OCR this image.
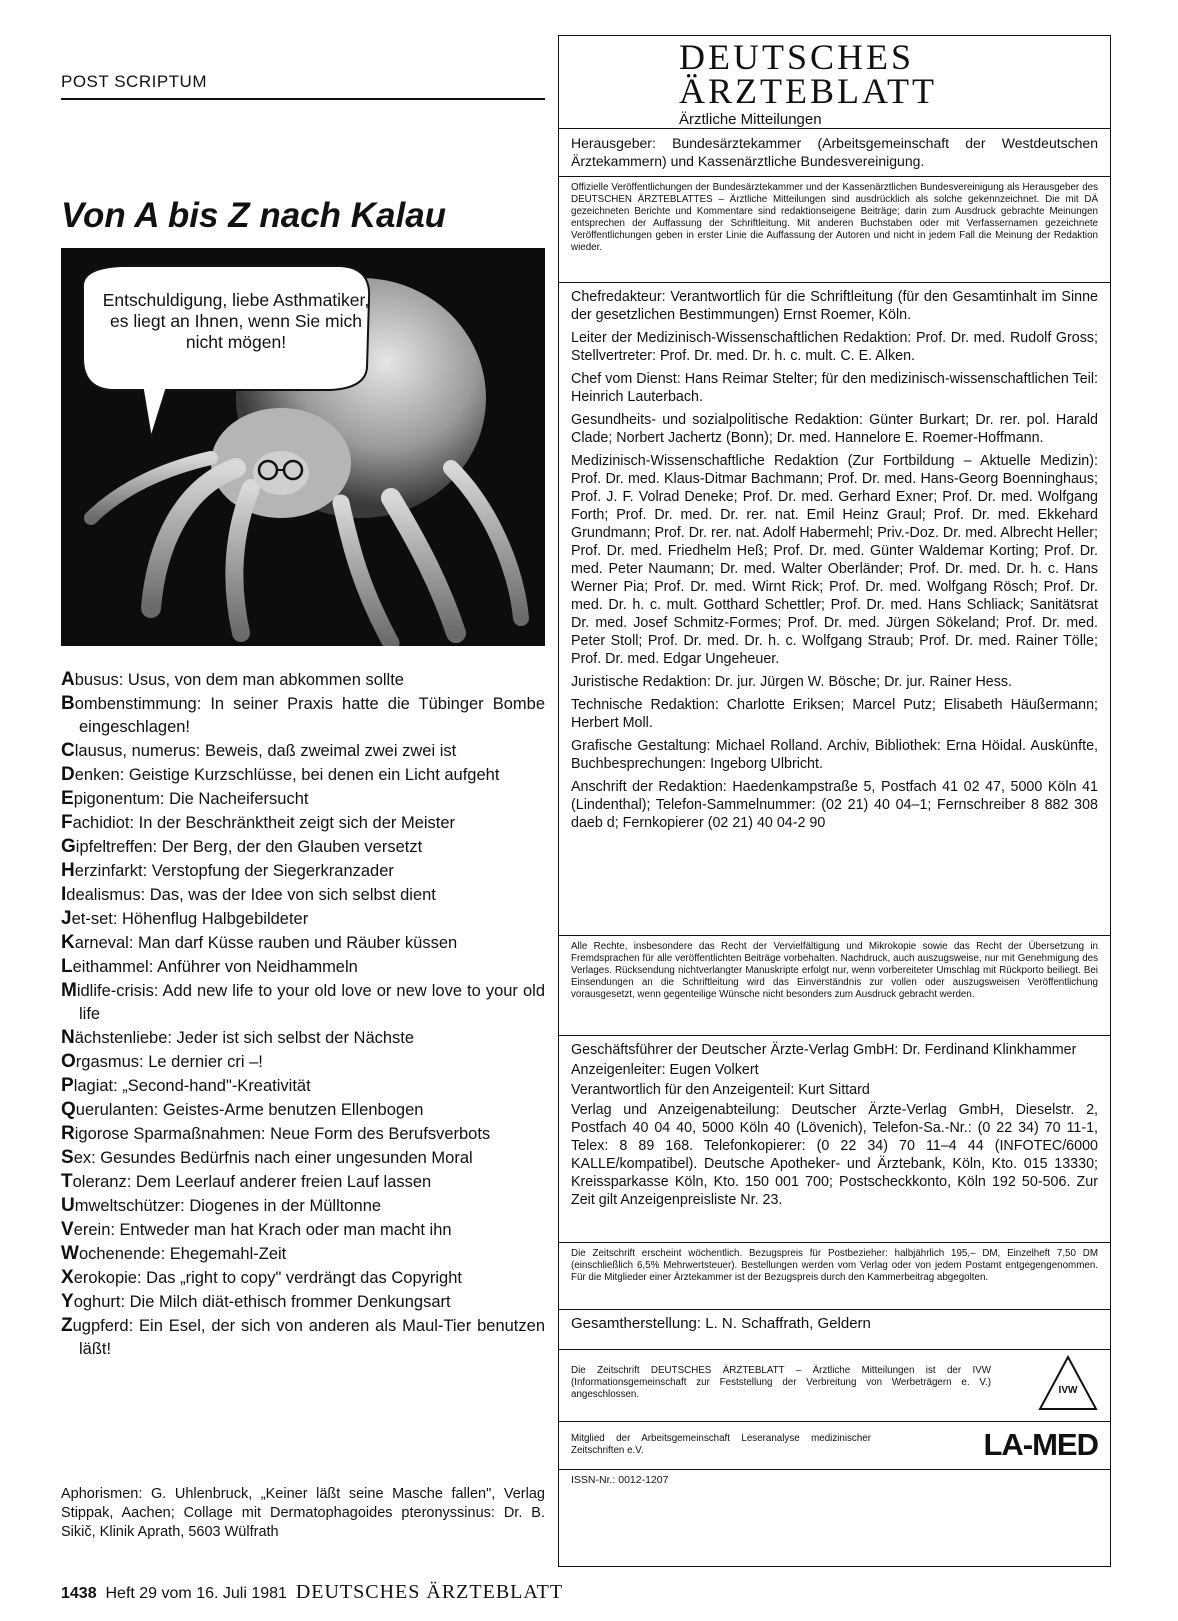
POST SCRIPTUM
Von A bis Z nach Kalau
Entschuldigung, liebe Asthmatiker, es liegt an Ihnen, wenn Sie mich nicht mögen!
Abusus: Usus, von dem man abkommen sollte
Bombenstimmung: In seiner Praxis hatte die Tübinger Bombe eingeschlagen!
Clausus, numerus: Beweis, daß zweimal zwei zwei ist
Denken: Geistige Kurzschlüsse, bei denen ein Licht aufgeht
Epigonentum: Die Nacheifersucht
Fachidiot: In der Beschränktheit zeigt sich der Meister
Gipfeltreffen: Der Berg, der den Glauben versetzt
Herzinfarkt: Verstopfung der Siegerkranzader
Idealismus: Das, was der Idee von sich selbst dient
Jet-set: Höhenflug Halbgebildeter
Karneval: Man darf Küsse rauben und Räuber küssen
Leithammel: Anführer von Neidhammeln
Midlife-crisis: Add new life to your old love or new love to your old life
Nächstenliebe: Jeder ist sich selbst der Nächste
Orgasmus: Le dernier cri –!
Plagiat: „Second-hand"-Kreativität
Querulanten: Geistes-Arme benutzen Ellenbogen
Rigorose Sparmaßnahmen: Neue Form des Berufsverbots
Sex: Gesundes Bedürfnis nach einer ungesunden Moral
Toleranz: Dem Leerlauf anderer freien Lauf lassen
Umweltschützer: Diogenes in der Mülltonne
Verein: Entweder man hat Krach oder man macht ihn
Wochenende: Ehegemahl-Zeit
Xerokopie: Das „right to copy" verdrängt das Copyright
Yoghurt: Die Milch diät-ethisch frommer Denkungsart
Zugpferd: Ein Esel, der sich von anderen als Maul-Tier benutzen läßt!
Aphorismen: G. Uhlenbruck, „Keiner läßt seine Masche fallen", Verlag Stippak, Aachen; Collage mit Dermatophagoides pteronyssinus: Dr. B. Sikič, Klinik Aprath, 5603 Wülfrath
1438 Heft 29 vom 16. Juli 1981 DEUTSCHES ÄRZTEBLATT
DEUTSCHES
ÄRZTEBLATT
Ärztliche Mitteilungen
Herausgeber: Bundesärztekammer (Arbeitsgemeinschaft der Westdeutschen Ärztekammern) und Kassenärztliche Bundesvereinigung.
Offizielle Veröffentlichungen der Bundesärztekammer und der Kassenärztlichen Bundesvereinigung als Herausgeber des DEUTSCHEN ÄRZTEBLATTES – Ärztliche Mitteilungen sind ausdrücklich als solche gekennzeichnet. Die mit DÄ gezeichneten Berichte und Kommentare sind redaktionseigene Beiträge; darin zum Ausdruck gebrachte Meinungen entsprechen der Auffassung der Schriftleitung. Mit anderen Buchstaben oder mit Verfassernamen gezeichnete Veröffentlichungen geben in erster Linie die Auffassung der Autoren und nicht in jedem Fall die Meinung der Redaktion wieder.

Chefredakteur: Verantwortlich für die Schriftleitung (für den Gesamtinhalt im Sinne der gesetzlichen Bestimmungen) Ernst Roemer, Köln.

Leiter der Medizinisch-Wissenschaftlichen Redaktion: Prof. Dr. med. Rudolf Gross; Stellvertreter: Prof. Dr. med. Dr. h. c. mult. C. E. Alken.

Chef vom Dienst: Hans Reimar Stelter; für den medizinisch-wissenschaftlichen Teil: Heinrich Lauterbach.

Gesundheits- und sozialpolitische Redaktion: Günter Burkart; Dr. rer. pol. Harald Clade; Norbert Jachertz (Bonn); Dr. med. Hannelore E. Roemer-Hoffmann.

Medizinisch-Wissenschaftliche Redaktion (Zur Fortbildung – Aktuelle Medizin): Prof. Dr. med. Klaus-Ditmar Bachmann; Prof. Dr. med. Hans-Georg Boenninghaus; Prof. J. F. Volrad Deneke; Prof. Dr. med. Gerhard Exner; Prof. Dr. med. Wolfgang Forth; Prof. Dr. med. Dr. rer. nat. Emil Heinz Graul; Prof. Dr. med. Ekkehard Grundmann; Prof. Dr. rer. nat. Adolf Habermehl; Priv.-Doz. Dr. med. Albrecht Heller; Prof. Dr. med. Friedhelm Heß; Prof. Dr. med. Günter Waldemar Korting; Prof. Dr. med. Peter Naumann; Dr. med. Walter Oberländer; Prof. Dr. med. Dr. h. c. Hans Werner Pia; Prof. Dr. med. Wirnt Rick; Prof. Dr. med. Wolfgang Rösch; Prof. Dr. med. Dr. h. c. mult. Gotthard Schettler; Prof. Dr. med. Hans Schliack; Sanitätsrat Dr. med. Josef Schmitz-Formes; Prof. Dr. med. Jürgen Sökeland; Prof. Dr. med. Peter Stoll; Prof. Dr. med. Dr. h. c. Wolfgang Straub; Prof. Dr. med. Rainer Tölle; Prof. Dr. med. Edgar Ungeheuer.

Juristische Redaktion: Dr. jur. Jürgen W. Bösche; Dr. jur. Rainer Hess.

Technische Redaktion: Charlotte Eriksen; Marcel Putz; Elisabeth Häußermann; Herbert Moll.

Grafische Gestaltung: Michael Rolland. Archiv, Bibliothek: Erna Höidal. Auskünfte, Buchbesprechungen: Ingeborg Ulbricht.

Anschrift der Redaktion: Haedenkampstraße 5, Postfach 41 02 47, 5000 Köln 41 (Lindenthal); Telefon-Sammelnummer: (02 21) 40 04–1; Fernschreiber 8 882 308 daeb d; Fernkopierer (02 21) 40 04-2 90

Alle Rechte, insbesondere das Recht der Vervielfältigung und Mikrokopie sowie das Recht der Übersetzung in Fremdsprachen für alle veröffentlichten Beiträge vorbehalten. Nachdruck, auch auszugsweise, nur mit Genehmigung des Verlages. Rücksendung nichtverlangter Manuskripte erfolgt nur, wenn vorbereiteter Umschlag mit Rückporto beiliegt. Bei Einsendungen an die Schriftleitung wird das Einverständnis zur vollen oder auszugsweisen Veröffentlichung vorausgesetzt, wenn gegenteilige Wünsche nicht besonders zum Ausdruck gebracht werden.

Geschäftsführer der Deutscher Ärzte-Verlag GmbH: Dr. Ferdinand Klinkhammer

Anzeigenleiter: Eugen Volkert

Verantwortlich für den Anzeigenteil: Kurt Sittard

Verlag und Anzeigenabteilung: Deutscher Ärzte-Verlag GmbH, Dieselstr. 2, Postfach 40 04 40, 5000 Köln 40 (Lövenich), Telefon-Sa.-Nr.: (0 22 34) 70 11-1, Telex: 8 89 168. Telefonkopierer: (0 22 34) 70 11–4 44 (INFOTEC/6000 KALLE/kompatibel). Deutsche Apotheker- und Ärztebank, Köln, Kto. 015 13330; Kreissparkasse Köln, Kto. 150 001 700; Postscheckkonto, Köln 192 50-506. Zur Zeit gilt Anzeigenpreisliste Nr. 23.

Die Zeitschrift erscheint wöchentlich. Bezugspreis für Postbezieher: halbjährlich 195,– DM, Einzelheft 7,50 DM (einschließlich 6,5% Mehrwertsteuer). Bestellungen werden vom Verlag oder von jedem Postamt entgegengenommen. Für die Mitglieder einer Ärztekammer ist der Bezugspreis durch den Kammerbeitrag abgegolten.
Gesamtherstellung: L. N. Schaffrath, Geldern
Die Zeitschrift DEUTSCHES ÄRZTEBLATT – Ärztliche Mitteilungen ist der IVW (Informationsgemeinschaft zur Feststellung der Verbreitung von Werbeträgern e. V.) angeschlossen.	IVW
Mitglied der Arbeitsgemeinschaft Leseranalyse medizinischer Zeitschriften e.V.	LA-MED
ISSN-Nr.: 0012-1207
